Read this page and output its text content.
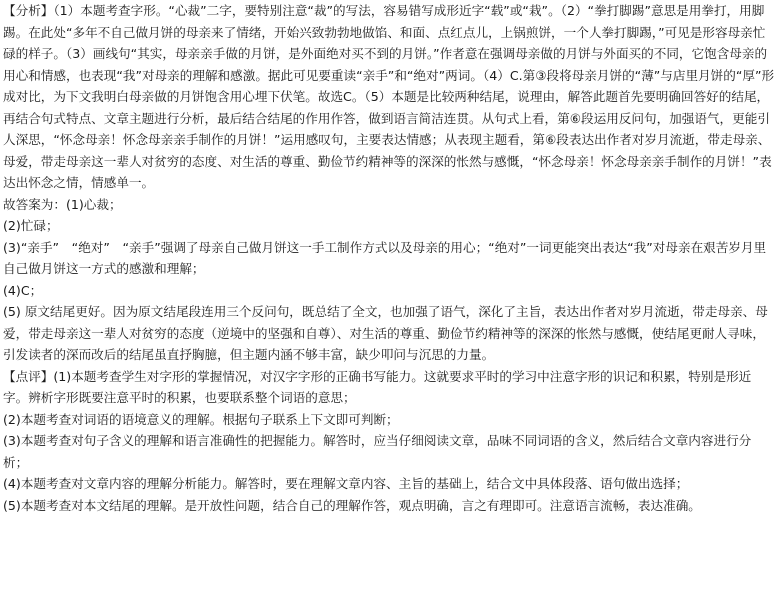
【分析】（1）本题考查字形。“心裁”二字，要特别注意“裁”的写法，容易错写成形近字“载”或“栽”。（2）“拳打脚踢”意思是用拳打，用脚踢。在此处“多年不自己做月饼的母亲来了情绪，开始兴致勃勃地做馅、和面、点红点儿，上锅煎饼，一个人拳打脚踢，”可见是形容母亲忙碌的样子。（3）画线句“其实，母亲亲手做的月饼，是外面绝对买不到的月饼。”作者意在强调母亲做的月饼与外面买的不同，它饱含母亲的用心和情感，也表现“我”对母亲的理解和感激。据此可见要重读“亲手”和“绝对”两词。（4）C.第③段将母亲月饼的“薄”与店里月饼的“厚”形成对比，为下文我明白母亲做的月饼饱含用心埋下伏笔。故选C。（5）本题是比较两种结尾，说理由，解答此题首先要明确回答好的结尾，再结合句式特点、文章主题进行分析，最后结合结尾的作用作答，做到语言简洁连贯。从句式上看，第⑥段运用反问句，加强语气，更能引人深思，“怀念母亲！怀念母亲亲手制作的月饼！”运用感叹句，主要表达情感；从表现主题看，第⑥段表达出作者对岁月流逝，带走母亲、母爱，带走母亲这一辈人对贫穷的态度、对生活的尊重、勤俭节约精神等的深深的怅然与感慨，“怀念母亲！怀念母亲亲手制作的月饼！”表达出怀念之情，情感单一。

故答案为：(1)心裁；

(2)忙碌；

(3)“亲手”　“绝对”　“亲手”强调了母亲自己做月饼这一手工制作方式以及母亲的用心；“绝对”一词更能突出表达“我”对母亲在艰苦岁月里自己做月饼这一方式的感激和理解；

(4)C；

(5) 原文结尾更好。因为原文结尾段连用三个反问句，既总结了全文，也加强了语气，深化了主旨，表达出作者对岁月流逝，带走母亲、母爱，带走母亲这一辈人对贫穷的态度（逆境中的坚强和自尊）、对生活的尊重、勤俭节约精神等的深深的怅然与感慨，使结尾更耐人寻味，引发读者的深而改后的结尾虽直抒胸臆，但主题内涵不够丰富，缺少叩问与沉思的力量。

【点评】(1)本题考查学生对字形的掌握情况，对汉字字形的正确书写能力。这就要求平时的学习中注意字形的识记和积累，特别是形近字。辨析字形既要注意平时的积累，也要联系整个词语的意思；

(2)本题考查对词语的语境意义的理解。根据句子联系上下文即可判断；

(3)本题考查对句子含义的理解和语言准确性的把握能力。解答时，应当仔细阅读文章，品味不同词语的含义，然后结合文章内容进行分析；

(4)本题考查对文章内容的理解分析能力。解答时，要在理解文章内容、主旨的基础上，结合文中具体段落、语句做出选择；

(5)本题考查对本文结尾的理解。是开放性问题，结合自己的理解作答，观点明确，言之有理即可。注意语言流畅，表达准确。
